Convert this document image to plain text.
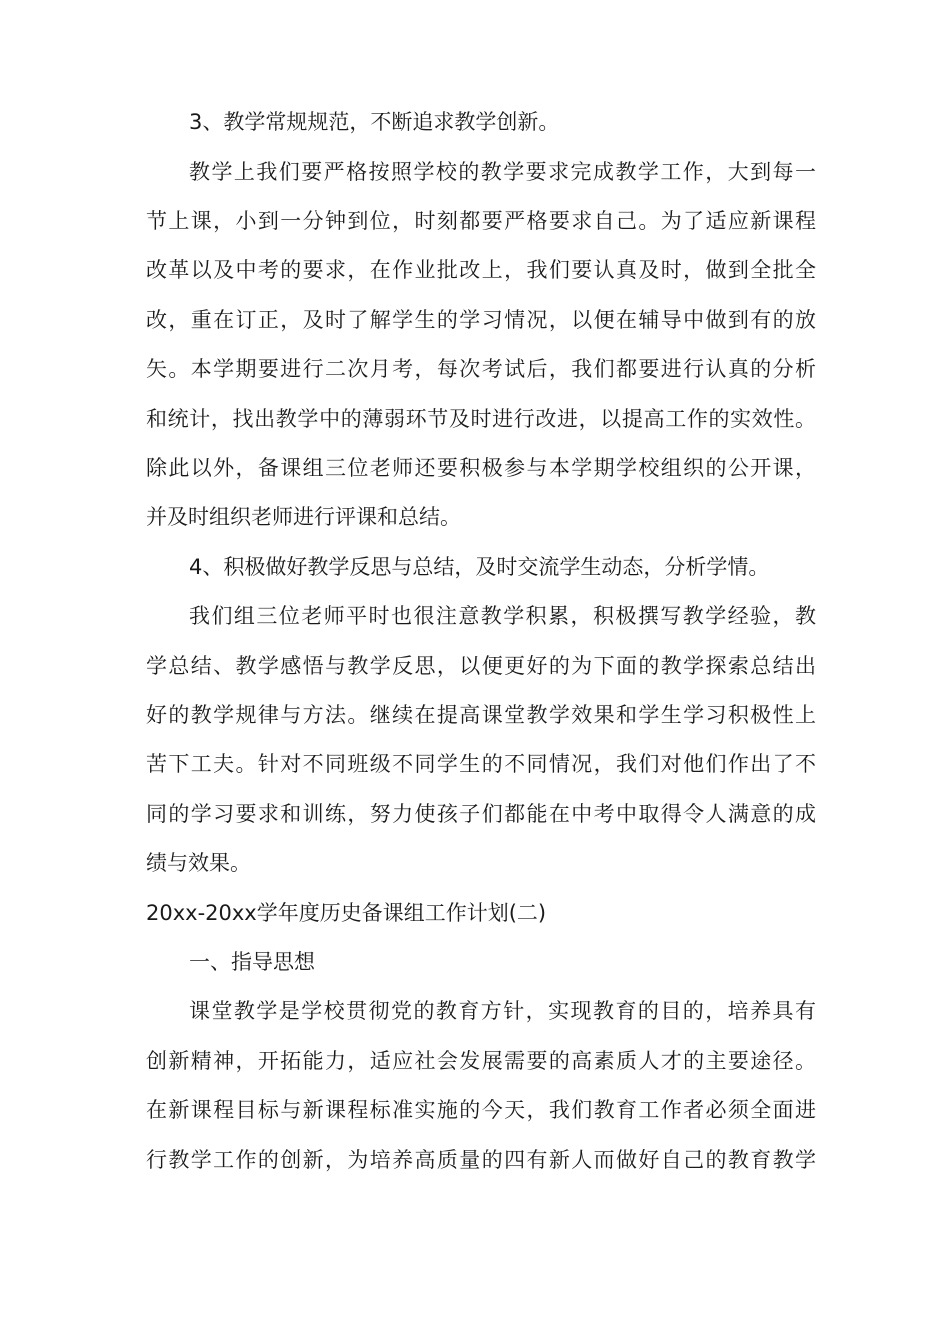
3、教学常规规范，不断追求教学创新。
教学上我们要严格按照学校的教学要求完成教学工作，大到每一
节上课，小到一分钟到位，时刻都要严格要求自己。为了适应新课程
改革以及中考的要求，在作业批改上，我们要认真及时，做到全批全
改，重在订正，及时了解学生的学习情况，以便在辅导中做到有的放
矢。本学期要进行二次月考，每次考试后，我们都要进行认真的分析
和统计，找出教学中的薄弱环节及时进行改进，以提高工作的实效性。
除此以外，备课组三位老师还要积极参与本学期学校组织的公开课，
并及时组织老师进行评课和总结。
4、积极做好教学反思与总结，及时交流学生动态，分析学情。
我们组三位老师平时也很注意教学积累，积极撰写教学经验，教
学总结、教学感悟与教学反思，以便更好的为下面的教学探索总结出
好的教学规律与方法。继续在提高课堂教学效果和学生学习积极性上
苦下工夫。针对不同班级不同学生的不同情况，我们对他们作出了不
同的学习要求和训练，努力使孩子们都能在中考中取得令人满意的成
绩与效果。
20xx-20xx学年度历史备课组工作计划(二)
一、指导思想
课堂教学是学校贯彻党的教育方针，实现教育的目的，培养具有
创新精神，开拓能力，适应社会发展需要的高素质人才的主要途径。
在新课程目标与新课程标准实施的今天，我们教育工作者必须全面进
行教学工作的创新，为培养高质量的四有新人而做好自己的教育教学
